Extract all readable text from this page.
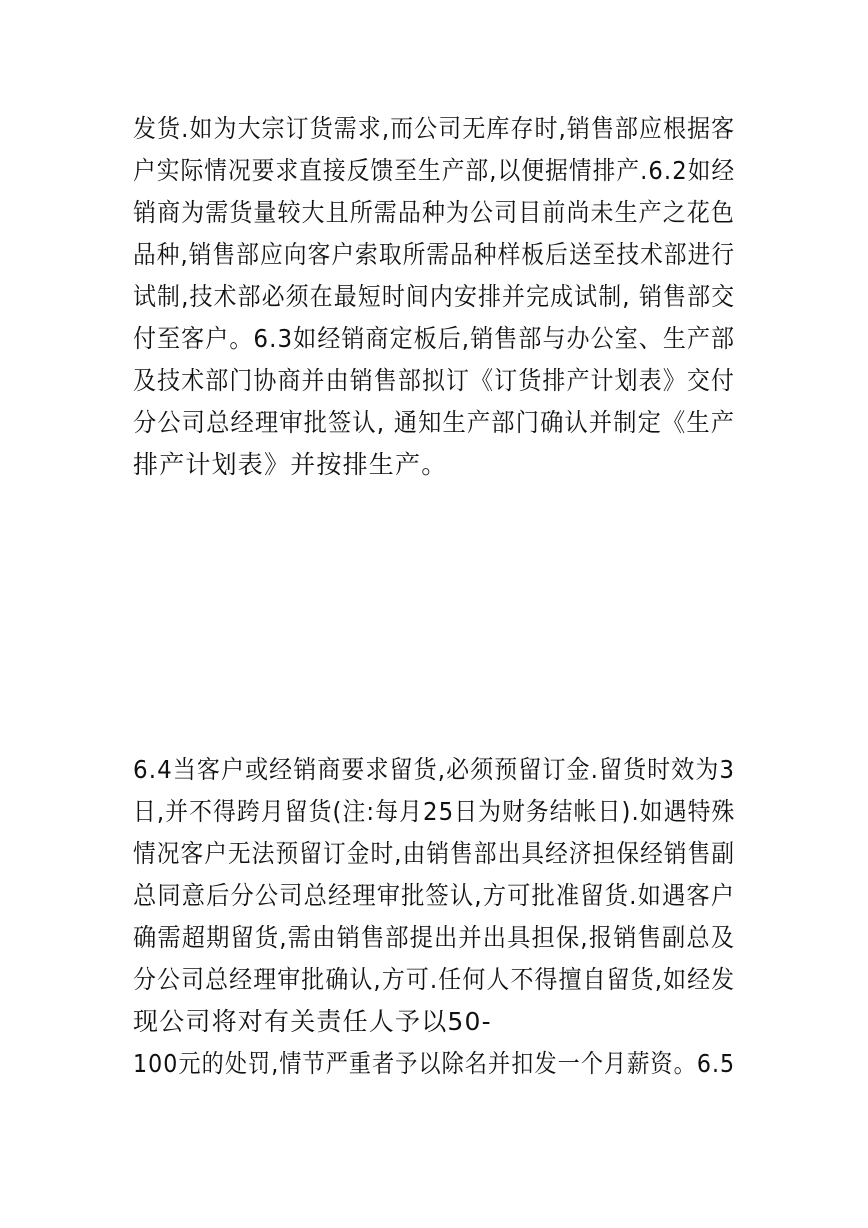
发货.如为大宗订货需求,而公司无库存时,销售部应根据客
户实际情况要求直接反馈至生产部,以便据情排产.6.2如经
销商为需货量较大且所需品种为公司目前尚未生产之花色
品种,销售部应向客户索取所需品种样板后送至技术部进行
试制,技术部必须在最短时间内安排并完成试制, 销售部交
付至客户。6.3如经销商定板后,销售部与办公室、生产部
及技术部门协商并由销售部拟订《订货排产计划表》交付
分公司总经理审批签认, 通知生产部门确认并制定《生产
排产计划表》并按排生产。
6.4当客户或经销商要求留货,必须预留订金.留货时效为3
日,并不得跨月留货(注:每月25日为财务结帐日).如遇特殊
情况客户无法预留订金时,由销售部出具经济担保经销售副
总同意后分公司总经理审批签认,方可批准留货.如遇客户
确需超期留货,需由销售部提出并出具担保,报销售副总及
分公司总经理审批确认,方可.任何人不得擅自留货,如经发
现公司将对有关责任人予以50-
100元的处罚,情节严重者予以除名并扣发一个月薪资。6.5
